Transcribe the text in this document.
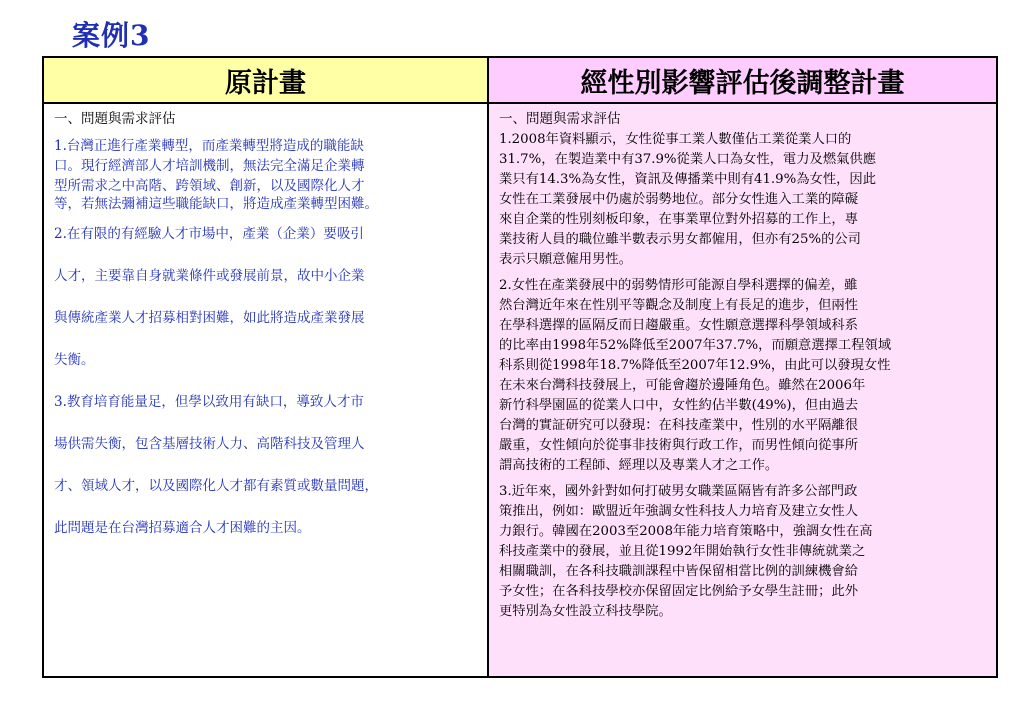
案例3
原計畫	經性別影響評估後調整計畫
一、問題與需求評估
1.台灣正進行產業轉型，而產業轉型將造成的職能缺
口。現行經濟部人才培訓機制，無法完全滿足企業轉
型所需求之中高階、跨領域、創新，以及國際化人才
等，若無法彌補這些職能缺口，將造成產業轉型困難。
2.在有限的有經驗人才市場中，產業（企業）要吸引
人才，主要靠自身就業條件或發展前景，故中小企業
與傳統產業人才招募相對困難，如此將造成產業發展
失衡。
3.教育培育能量足，但學以致用有缺口，導致人才市
場供需失衡，包含基層技術人力、高階科技及管理人
才、領域人才，以及國際化人才都有素質或數量問題，
此問題是在台灣招募適合人才困難的主因。
一、問題與需求評估
1.2008年資料顯示，女性從事工業人數僅佔工業從業人口的
31.7%，在製造業中有37.9%從業人口為女性，電力及燃氣供應
業只有14.3%為女性，資訊及傳播業中則有41.9%為女性，因此
女性在工業發展中仍處於弱勢地位。部分女性進入工業的障礙
來自企業的性別刻板印象，在事業單位對外招募的工作上，專
業技術人員的職位雖半數表示男女都僱用，但亦有25%的公司
表示只願意僱用男性。
2.女性在產業發展中的弱勢情形可能源自學科選擇的偏差，雖
然台灣近年來在性別平等觀念及制度上有長足的進步，但兩性
在學科選擇的區隔反而日趨嚴重。女性願意選擇科學領域科系
的比率由1998年52%降低至2007年37.7%，而願意選擇工程領域
科系則從1998年18.7%降低至2007年12.9%，由此可以發現女性
在未來台灣科技發展上，可能會趨於邊陲角色。雖然在2006年
新竹科學園區的從業人口中，女性約佔半數(49%)，但由過去
台灣的實証研究可以發現：在科技產業中，性別的水平隔離很
嚴重，女性傾向於從事非技術與行政工作，而男性傾向從事所
謂高技術的工程師、經理以及專業人才之工作。
3.近年來，國外針對如何打破男女職業區隔皆有許多公部門政
策推出，例如：歐盟近年強調女性科技人力培育及建立女性人
力銀行。韓國在2003至2008年能力培育策略中，強調女性在高
科技產業中的發展，並且從1992年開始執行女性非傳統就業之
相關職訓，在各科技職訓課程中皆保留相當比例的訓練機會給
予女性；在各科技學校亦保留固定比例給予女學生註冊；此外
更特別為女性設立科技學院。
